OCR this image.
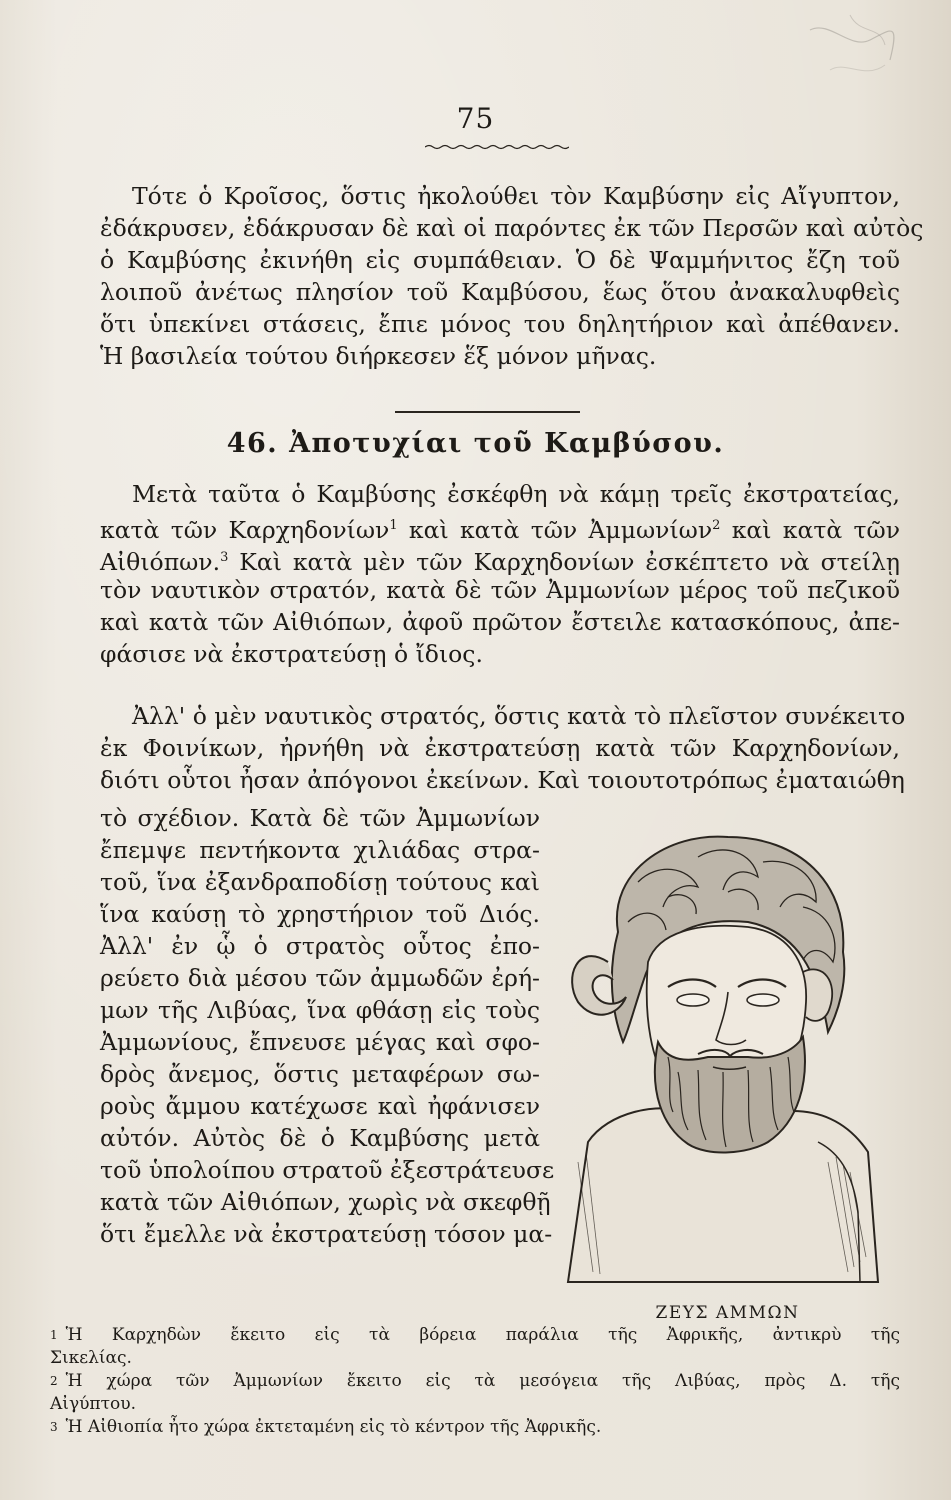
75
Τότε ὁ Κροῖσος, ὅστις ἠκολούθει τὸν Καμβύσην εἰς Αἴγυπτον,
ἐδάκρυσεν, ἐδάκρυσαν δὲ καὶ οἱ παρόντες ἐκ τῶν Περσῶν καὶ αὐτὸς
ὁ Καμβύσης ἐκινήθη εἰς συμπάθειαν. Ὁ δὲ Ψαμμήνιτος ἔζη τοῦ
λοιποῦ ἀνέτως πλησίον τοῦ Καμβύσου, ἕως ὅτου ἀνακαλυφθεὶς
ὅτι ὑπεκίνει στάσεις, ἔπιε μόνος του δηλητήριον καὶ ἀπέθανεν.
Ἡ βασιλεία τούτου διήρκεσεν ἕξ μόνον μῆνας.
46. Ἀποτυχίαι τοῦ Καμβύσου.
Μετὰ ταῦτα ὁ Καμβύσης ἐσκέφθη νὰ κάμῃ τρεῖς ἐκστρατείας,
κατὰ τῶν Καρχηδονίων$^1$ καὶ κατὰ τῶν Ἀμμωνίων$^2$ καὶ κατὰ τῶν
Αἰθιόπων.$^3$ Καὶ κατὰ μὲν τῶν Καρχηδονίων ἐσκέπτετο νὰ στείλῃ
τὸν ναυτικὸν στρατόν, κατὰ δὲ τῶν Ἀμμωνίων μέρος τοῦ πεζικοῦ
καὶ κατὰ τῶν Αἰθιόπων, ἀφοῦ πρῶτον ἔστειλε κατασκόπους, ἀπε-
φάσισε νὰ ἐκστρατεύσῃ ὁ ἴδιος.
Ἀλλ' ὁ μὲν ναυτικὸς στρατός, ὅστις κατὰ τὸ πλεῖστον συνέκειτο
ἐκ Φοινίκων, ἠρνήθη νὰ ἐκστρατεύσῃ κατὰ τῶν Καρχηδονίων,
διότι οὗτοι ἦσαν ἀπόγονοι ἐκείνων. Καὶ τοιουτοτρόπως ἐματαιώθη
τὸ σχέδιον. Κατὰ δὲ τῶν Ἀμμωνίων
ἔπεμψε πεντήκοντα χιλιάδας στρα-
τοῦ, ἵνα ἐξανδραποδίσῃ τούτους καὶ
ἵνα καύσῃ τὸ χρηστήριον τοῦ Διός.
Ἀλλ' ἐν ᾧ ὁ στρατὸς οὗτος ἐπο-
ρεύετο διὰ μέσου τῶν ἀμμωδῶν ἐρή-
μων τῆς Λιβύας, ἵνα φθάσῃ εἰς τοὺς
Ἀμμωνίους, ἔπνευσε μέγας καὶ σφο-
δρὸς ἄνεμος, ὅστις μεταφέρων σω-
ροὺς ἄμμου κατέχωσε καὶ ἠφάνισεν
αὐτόν. Αὐτὸς δὲ ὁ Καμβύσης μετὰ
τοῦ ὑπολοίπου στρατοῦ ἐξεστράτευσε
κατὰ τῶν Αἰθιόπων, χωρὶς νὰ σκεφθῇ
ὅτι ἔμελλε νὰ ἐκστρατεύσῃ τόσον μα-
ΖΕΥΣ ΑΜΜΩΝ
$^1$ Ἡ Καρχηδὼν ἔκειτο εἰς τὰ βόρεια παράλια τῆς Ἀφρικῆς, ἀντικρὺ τῆς
Σικελίας.
$^2$ Ἡ χώρα τῶν Ἀμμωνίων ἔκειτο εἰς τὰ μεσόγεια τῆς Λιβύας, πρὸς Δ. τῆς
Αἰγύπτου.
$^3$ Ἡ Αἰθιοπία ἦτο χώρα ἐκτεταμένη εἰς τὸ κέντρον τῆς Ἀφρικῆς.
